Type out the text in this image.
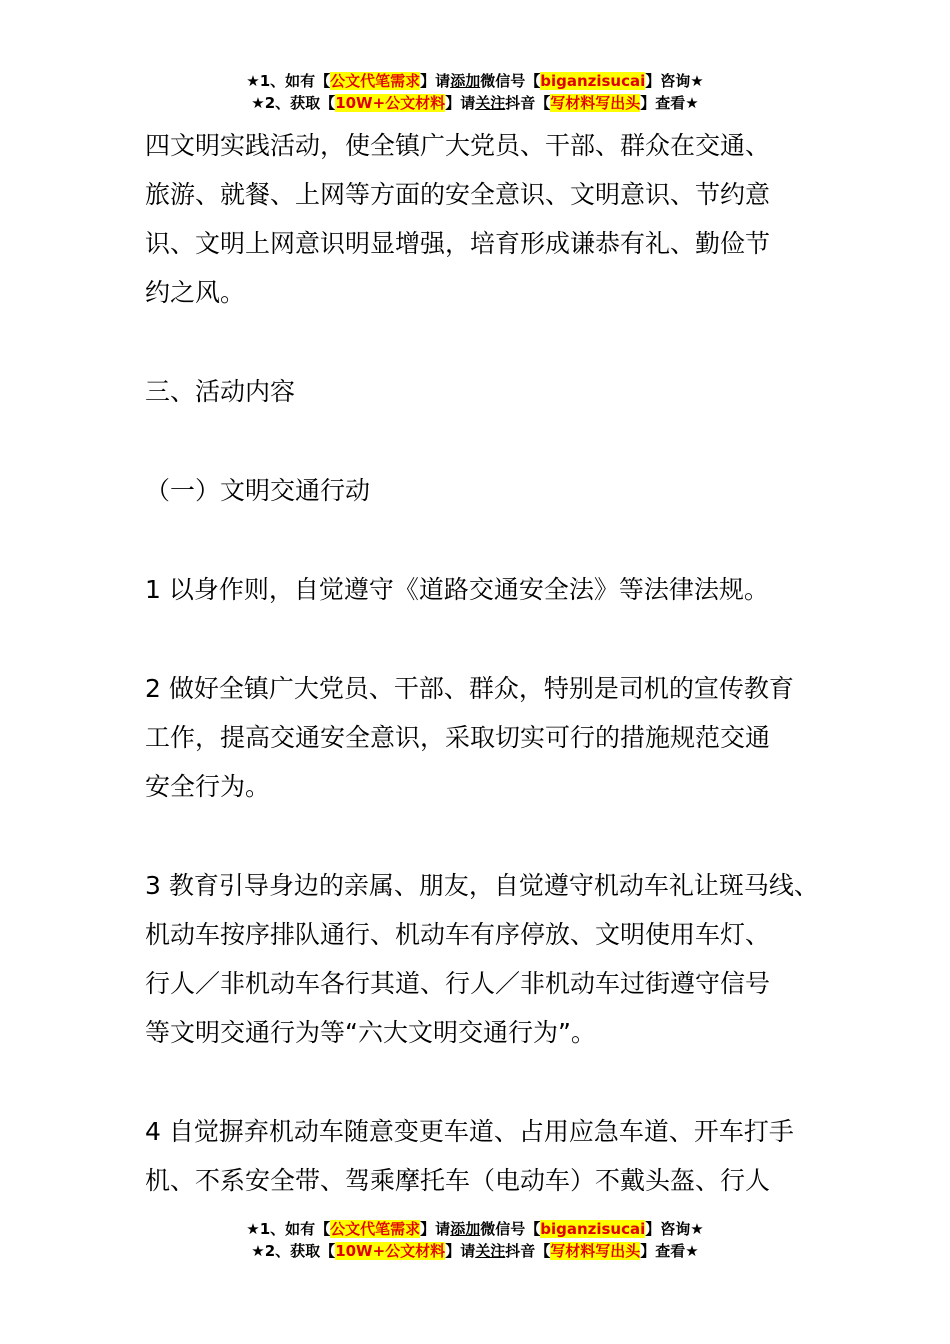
★1、如有【公文代笔需求】请添加微信号【biganzisucai】咨询★
★2、获取【10W+公文材料】请关注抖音【写材料写出头】查看★
四文明实践活动，使全镇广大党员、干部、群众在交通、
旅游、就餐、上网等方面的安全意识、文明意识、节约意
识、文明上网意识明显增强，培育形成谦恭有礼、勤俭节
约之风。
三、活动内容
（一）文明交通行动
1 以身作则，自觉遵守《道路交通安全法》等法律法规。
2 做好全镇广大党员、干部、群众，特别是司机的宣传教育
工作，提高交通安全意识，采取切实可行的措施规范交通
安全行为。
3 教育引导身边的亲属、朋友，自觉遵守机动车礼让斑马线、
机动车按序排队通行、机动车有序停放、文明使用车灯、
行人／非机动车各行其道、行人／非机动车过街遵守信号
等文明交通行为等“六大文明交通行为”。
4 自觉摒弃机动车随意变更车道、占用应急车道、开车打手
机、不系安全带、驾乘摩托车（电动车）不戴头盔、行人
★1、如有【公文代笔需求】请添加微信号【biganzisucai】咨询★
★2、获取【10W+公文材料】请关注抖音【写材料写出头】查看★
